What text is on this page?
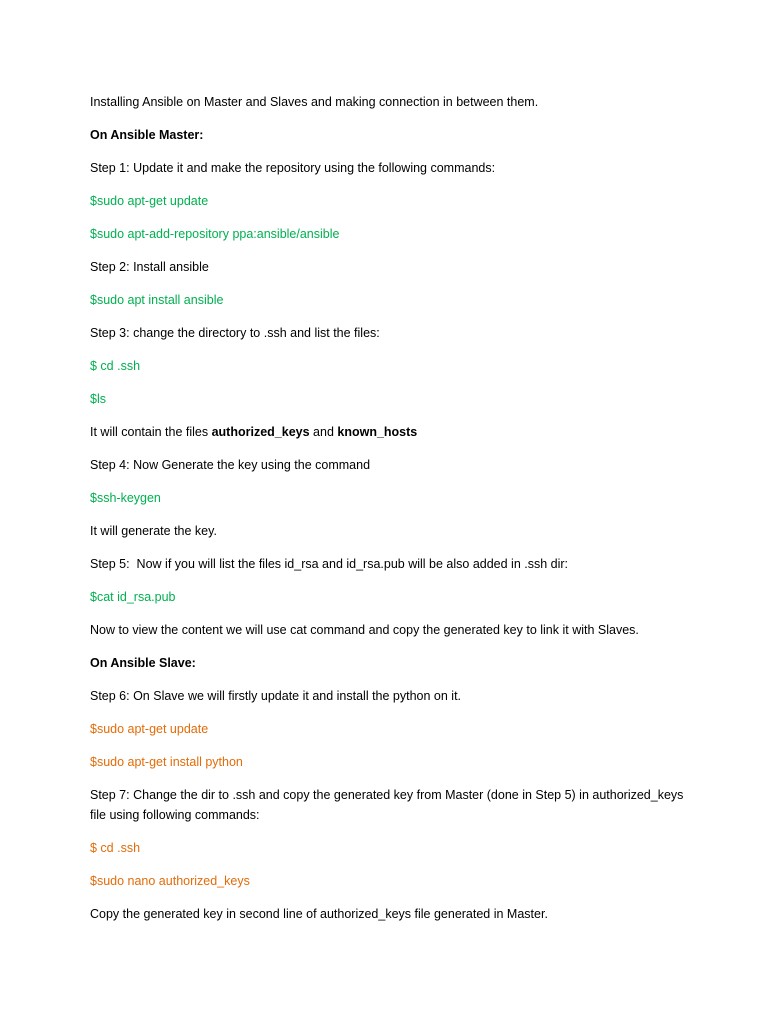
Installing Ansible on Master and Slaves and making connection in between them.

On Ansible Master:

Step 1: Update it and make the repository using the following commands:

$sudo apt-get update

$sudo apt-add-repository ppa:ansible/ansible

Step 2: Install ansible

$sudo apt install ansible

Step 3: change the directory to .ssh and list the files:

$ cd .ssh

$ls

It will contain the files authorized_keys and known_hosts

Step 4: Now Generate the key using the command

$ssh-keygen

It will generate the key.

Step 5:  Now if you will list the files id_rsa and id_rsa.pub will be also added in .ssh dir:

$cat id_rsa.pub

Now to view the content we will use cat command and copy the generated key to link it with Slaves.

On Ansible Slave:

Step 6: On Slave we will firstly update it and install the python on it.

$sudo apt-get update

$sudo apt-get install python

Step 7: Change the dir to .ssh and copy the generated key from Master (done in Step 5) in authorized_keys file using following commands:

$ cd .ssh

$sudo nano authorized_keys

Copy the generated key in second line of authorized_keys file generated in Master.
